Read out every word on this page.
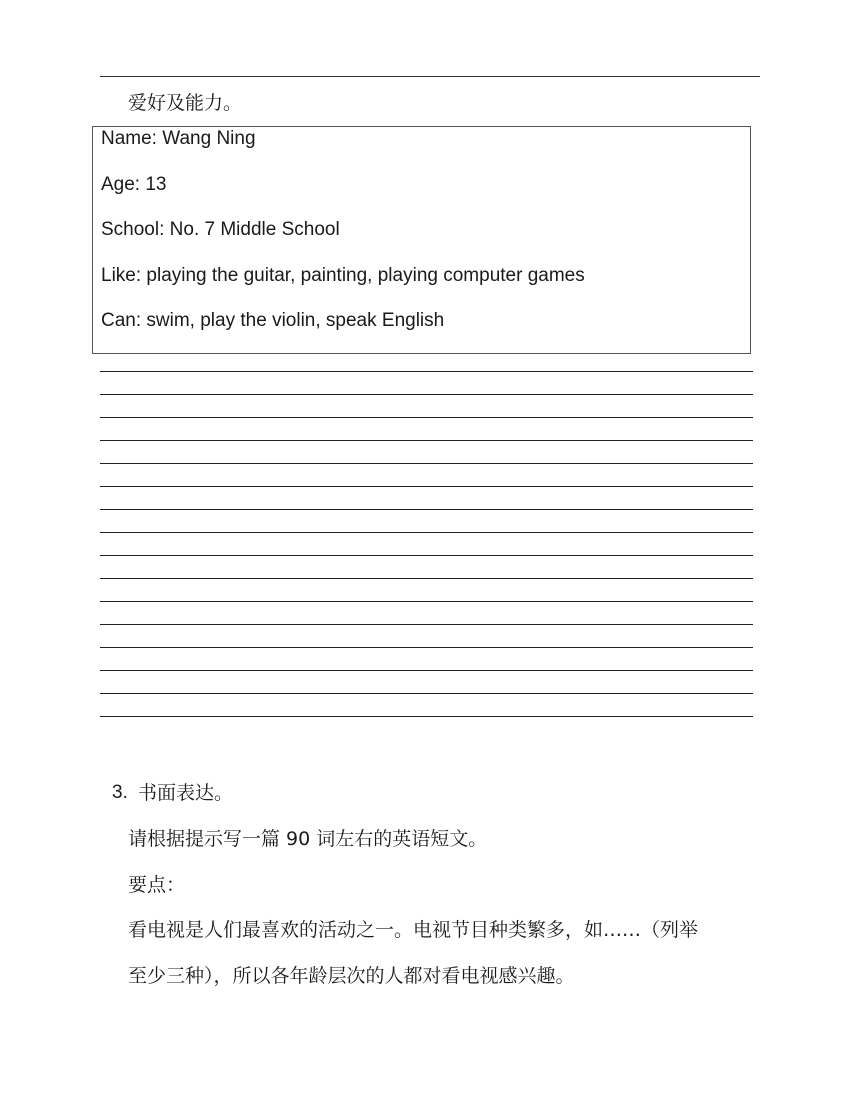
爱好及能力。
Name: Wang Ning
Age: 13
School: No. 7 Middle School
Like: playing the guitar, painting, playing computer games
Can: swim, play the violin, speak English
3. 书面表达。
请根据提示写一篇 90 词左右的英语短文。
要点：
看电视是人们最喜欢的活动之一。电视节目种类繁多，如……（列举
至少三种），所以各年龄层次的人都对看电视感兴趣。
